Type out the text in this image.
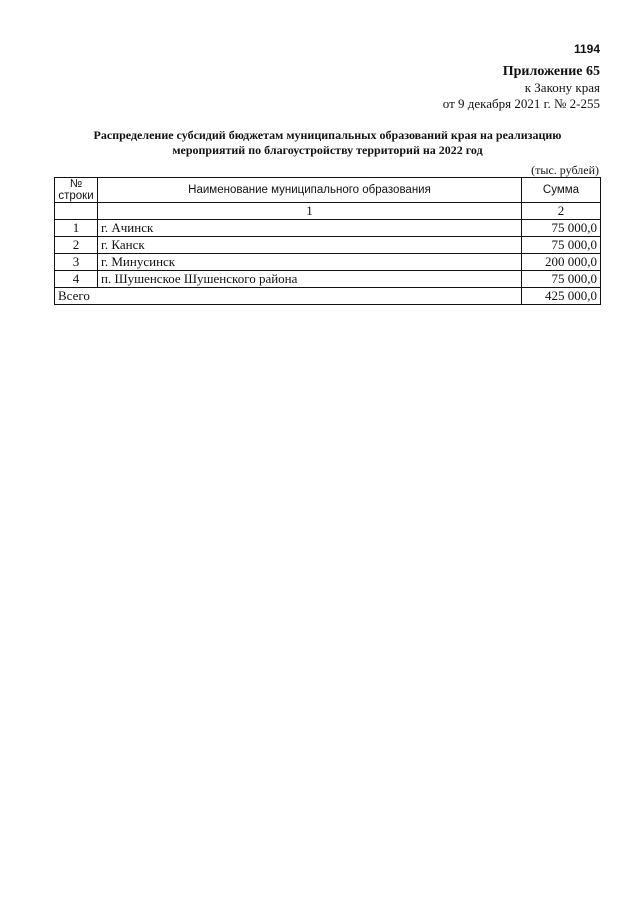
1194
Приложение 65
к Закону края
от 9 декабря 2021 г. № 2-255
Распределение субсидий бюджетам муниципальных образований края на реализацию
мероприятий по благоустройству территорий на 2022 год
(тыс. рублей)
№
строки	Наименование муниципального образования	Сумма
	1	2
1	г. Ачинск	75 000,0
2	г. Канск	75 000,0
3	г. Минусинск	200 000,0
4	п. Шушенское Шушенского района	75 000,0
Всего		425 000,0
